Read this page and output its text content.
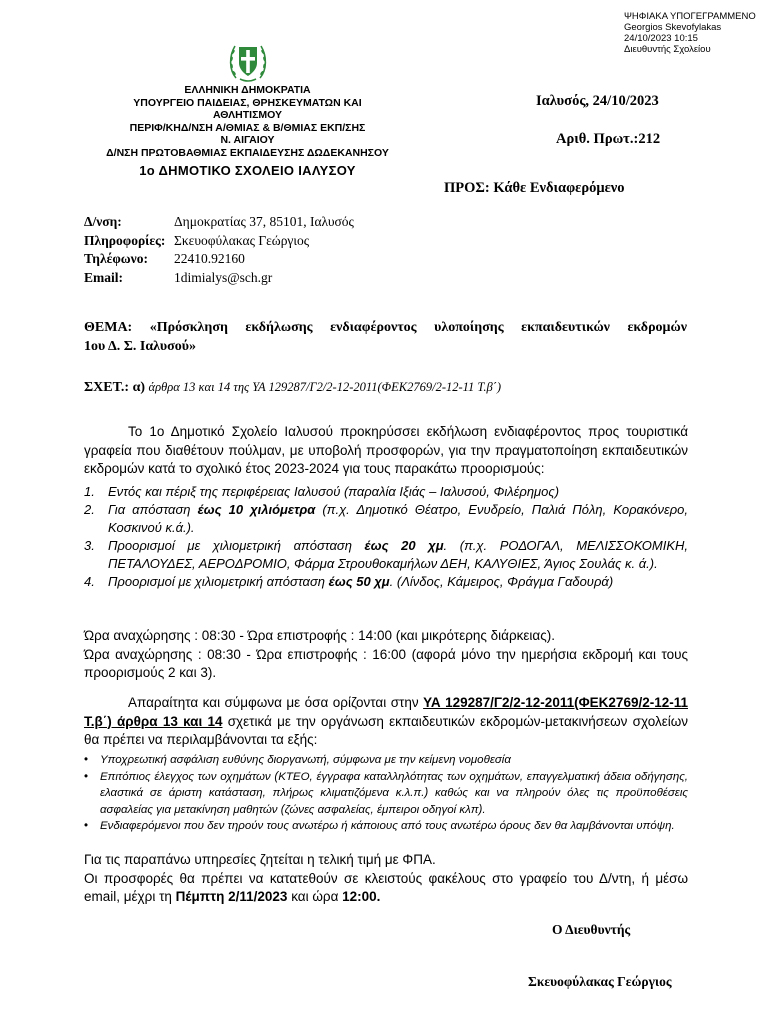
ΨΗΦΙΑΚΑ ΥΠΟΓΕΓΡΑΜΜΕΝΟ
Georgios Skevofylakas
24/10/2023 10:15
Διευθυντής Σχολείου
ΕΛΛΗΝΙΚΗ ΔΗΜΟΚΡΑΤΙΑ
ΥΠΟΥΡΓΕΙΟ ΠΑΙΔΕΙΑΣ, ΘΡΗΣΚΕΥΜΑΤΩΝ ΚΑΙ
ΑΘΛΗΤΙΣΜΟΥ
ΠΕΡΙΦ/ΚΗΔ/ΝΣΗ Α/ΘΜΙΑΣ & Β/ΘΜΙΑΣ ΕΚΠ/ΣΗΣ
Ν. ΑΙΓΑΙΟΥ
Δ/ΝΣΗ ΠΡΩΤΟΒΑΘΜΙΑΣ ΕΚΠΑΙΔΕΥΣΗΣ ΔΩΔΕΚΑΝΗΣΟΥ
1ο ΔΗΜΟΤΙΚΟ ΣΧΟΛΕΙΟ ΙΑΛΥΣΟΥ
Ιαλυσός, 24/10/2023
Αριθ. Πρωτ.:212
ΠΡΟΣ: Κάθε Ενδιαφερόμενο
Δ/νση:	Δημοκρατίας 37, 85101, Ιαλυσός
Πληροφορίες: Σκευοφύλακας Γεώργιος
Τηλέφωνο:	22410.92160
Email:	1dimialys@sch.gr
ΘΕΜΑ: «Πρόσκληση εκδήλωσης ενδιαφέροντος υλοποίησης εκπαιδευτικών εκδρομών
1ου Δ. Σ. Ιαλυσού»
ΣΧΕΤ.: α) άρθρα 13 και 14 της ΥΑ 129287/Γ2/2-12-2011(ΦΕΚ2769/2-12-11 Τ.β΄)
Το 1ο Δημοτικό Σχολείο Ιαλυσού προκηρύσσει εκδήλωση ενδιαφέροντος προς τουριστικά γραφεία που διαθέτουν πούλμαν, με υποβολή προσφορών, για την πραγματοποίηση εκπαιδευτικών εκδρομών κατά το σχολικό έτος 2023-2024 για τους παρακάτω προορισμούς:
1.	Εντός και πέριξ της περιφέρειας Ιαλυσού (παραλία Ιξιάς – Ιαλυσού, Φιλέρημος)
2.	Για απόσταση έως 10 χιλιόμετρα (π.χ. Δημοτικό Θέατρο, Ενυδρείο, Παλιά Πόλη, Κορακόνερο, Κοσκινού κ.ά.).
3.	Προορισμοί με χιλιομετρική απόσταση έως 20 χμ. (π.χ. ΡΟΔΟΓΑΛ, ΜΕΛΙΣΣΟΚΟΜΙΚΗ, ΠΕΤΑΛΟΥΔΕΣ, ΑΕΡΟΔΡΟΜΙΟ, Φάρμα Στρουθοκαμήλων ΔΕΗ, ΚΑΛΥΘΙΕΣ, Άγιος Σουλάς κ. ά.).
4.	Προορισμοί με χιλιομετρική απόσταση έως 50 χμ. (Λίνδος, Κάμειρος, Φράγμα Γαδουρά)
Ώρα αναχώρησης : 08:30 - Ώρα επιστροφής : 14:00 (και μικρότερης διάρκειας).
Ώρα αναχώρησης : 08:30 - Ώρα επιστροφής : 16:00 (αφορά μόνο την ημερήσια εκδρομή και τους προορισμούς 2 και 3).
Απαραίτητα και σύμφωνα με όσα ορίζονται στην ΥΑ 129287/Γ2/2-12-2011(ΦΕΚ2769/2-12-11 Τ.β΄) άρθρα 13 και 14 σχετικά με την οργάνωση εκπαιδευτικών εκδρομών-μετακινήσεων σχολείων θα πρέπει να περιλαμβάνονται τα εξής:
•	Υποχρεωτική ασφάλιση ευθύνης διοργανωτή, σύμφωνα με την κείμενη νομοθεσία
•	Επιτόπιος έλεγχος των οχημάτων (ΚΤΕΟ, έγγραφα καταλληλότητας των οχημάτων, επαγγελματική άδεια οδήγησης, ελαστικά σε άριστη κατάσταση, πλήρως κλιματιζόμενα κ.λ.π.) καθώς και να πληρούν όλες τις προϋποθέσεις ασφαλείας για μετακίνηση μαθητών (ζώνες ασφαλείας, έμπειροι οδηγοί κλπ).
•	Ενδιαφερόμενοι που δεν τηρούν τους ανωτέρω ή κάποιους από τους ανωτέρω όρους δεν θα λαμβάνονται υπόψη.
Για τις παραπάνω υπηρεσίες ζητείται η τελική τιμή με ΦΠΑ.
Οι προσφορές θα πρέπει να κατατεθούν σε κλειστούς φακέλους στο γραφείο του Δ/ντη, ή μέσω email, μέχρι τη Πέμπτη 2/11/2023 και ώρα 12:00.
Ο Διευθυντής
Σκευοφύλακας Γεώργιος
